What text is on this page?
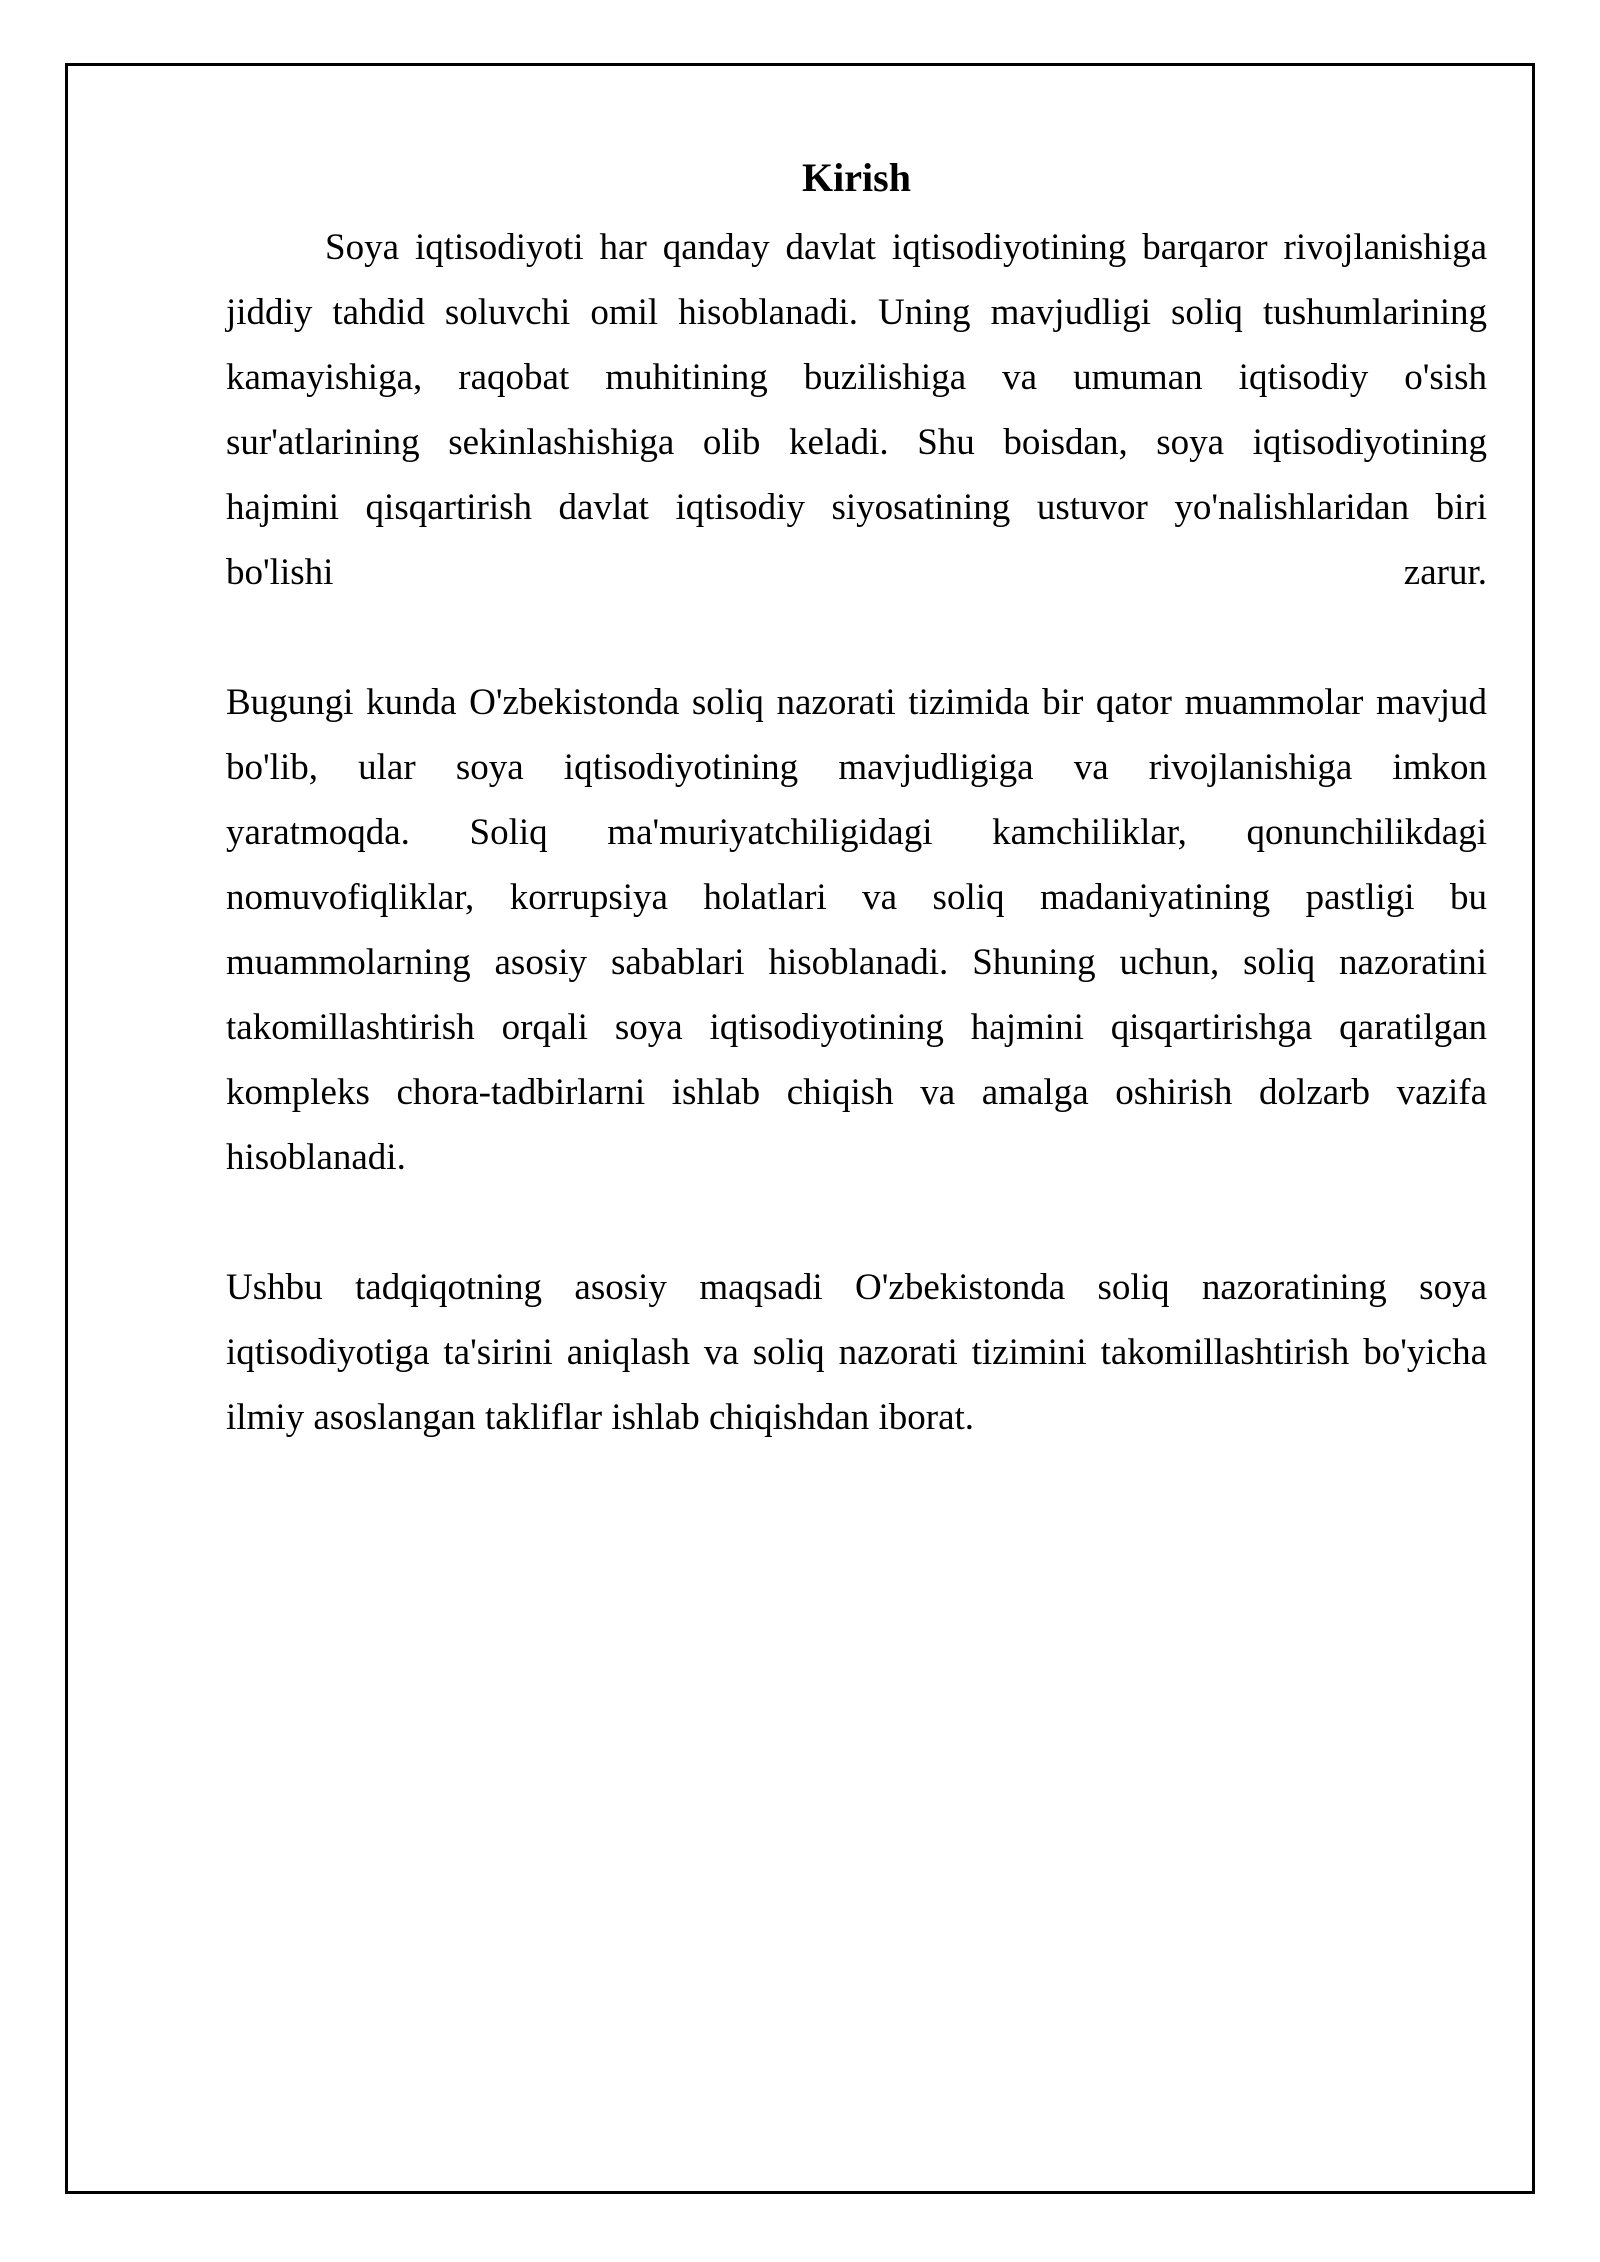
Kirish
Soya iqtisodiyoti har qanday davlat iqtisodiyotining barqaror rivojlanishiga
jiddiy tahdid soluvchi omil hisoblanadi. Uning mavjudligi soliq tushumlarining
kamayishiga, raqobat muhitining buzilishiga va umuman iqtisodiy o'sish
sur'atlarining sekinlashishiga olib keladi. Shu boisdan, soya iqtisodiyotining
hajmini qisqartirish davlat iqtisodiy siyosatining ustuvor yo'nalishlaridan biri
bo'lishi zarur.
Bugungi kunda O'zbekistonda soliq nazorati tizimida bir qator muammolar mavjud
bo'lib, ular soya iqtisodiyotining mavjudligiga va rivojlanishiga imkon
yaratmoqda. Soliq ma'muriyatchiligidagi kamchiliklar, qonunchilikdagi
nomuvofiqliklar, korrupsiya holatlari va soliq madaniyatining pastligi bu
muammolarning asosiy sabablari hisoblanadi. Shuning uchun, soliq nazoratini
takomillashtirish orqali soya iqtisodiyotining hajmini qisqartirishga qaratilgan
kompleks chora-tadbirlarni ishlab chiqish va amalga oshirish dolzarb vazifa
hisoblanadi.
Ushbu tadqiqotning asosiy maqsadi O'zbekistonda soliq nazoratining soya
iqtisodiyotiga ta'sirini aniqlash va soliq nazorati tizimini takomillashtirish bo'yicha
ilmiy asoslangan takliflar ishlab chiqishdan iborat.
